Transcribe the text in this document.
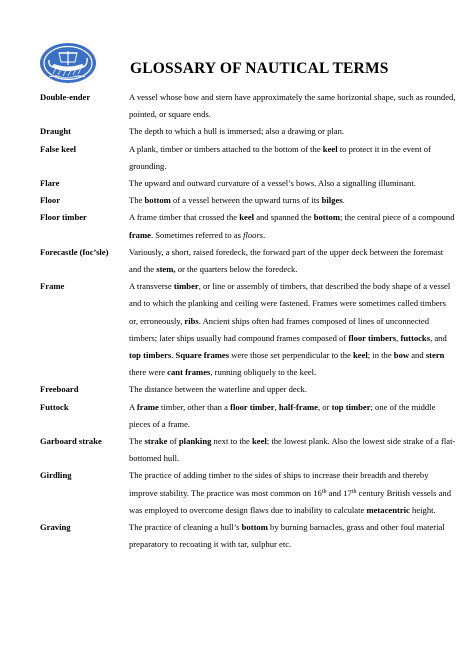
GLOSSARY OF NAUTICAL TERMS
Double-ender	A vessel whose bow and stern have approximately the same horizontal shape, such as rounded, pointed, or square ends.
Draught	The depth to which a hull is immersed; also a drawing or plan.
False keel	A plank, timber or timbers attached to the bottom of the keel to protect it in the event of grounding.
Flare	The upward and outward curvature of a vessel’s bows. Also a signalling illuminant.
Floor	The bottom of a vessel between the upward turns of its bilges.
Floor timber	A frame timber that crossed the keel and spanned the bottom; the central piece of a compound frame. Sometimes referred to as floors.
Forecastle (foc’sle)	Variously, a short, raised foredeck, the forward part of the upper deck between the foremast and the stem, or the quarters below the foredeck.
Frame	A transverse timber, or line or assembly of timbers, that described the body shape of a vessel and to which the planking and ceiling were fastened. Frames were sometimes called timbers or, erroneously, ribs. Ancient ships often had frames composed of lines of unconnected timbers; later ships usually had compound frames composed of floor timbers, futtocks, and top timbers. Square frames were those set perpendicular to the keel; in the bow and stern there were cant frames, running obliquely to the keel.
Freeboard	The distance between the waterline and upper deck.
Futtock	A frame timber, other than a floor timber, half-frame, or top timber; one of the middle pieces of a frame.
Garboard strake	The strake of planking next to the keel; the lowest plank. Also the lowest side strake of a flat-bottomed hull.
Girdling	The practice of adding timber to the sides of ships to increase their breadth and thereby improve stability. The practice was most common on 16th and 17th century British vessels and was employed to overcome design flaws due to inability to calculate metacentric height.
Graving	The practice of cleaning a hull’s bottom by burning barnacles, grass and other foul material preparatory to recoating it with tar, sulphur etc.
